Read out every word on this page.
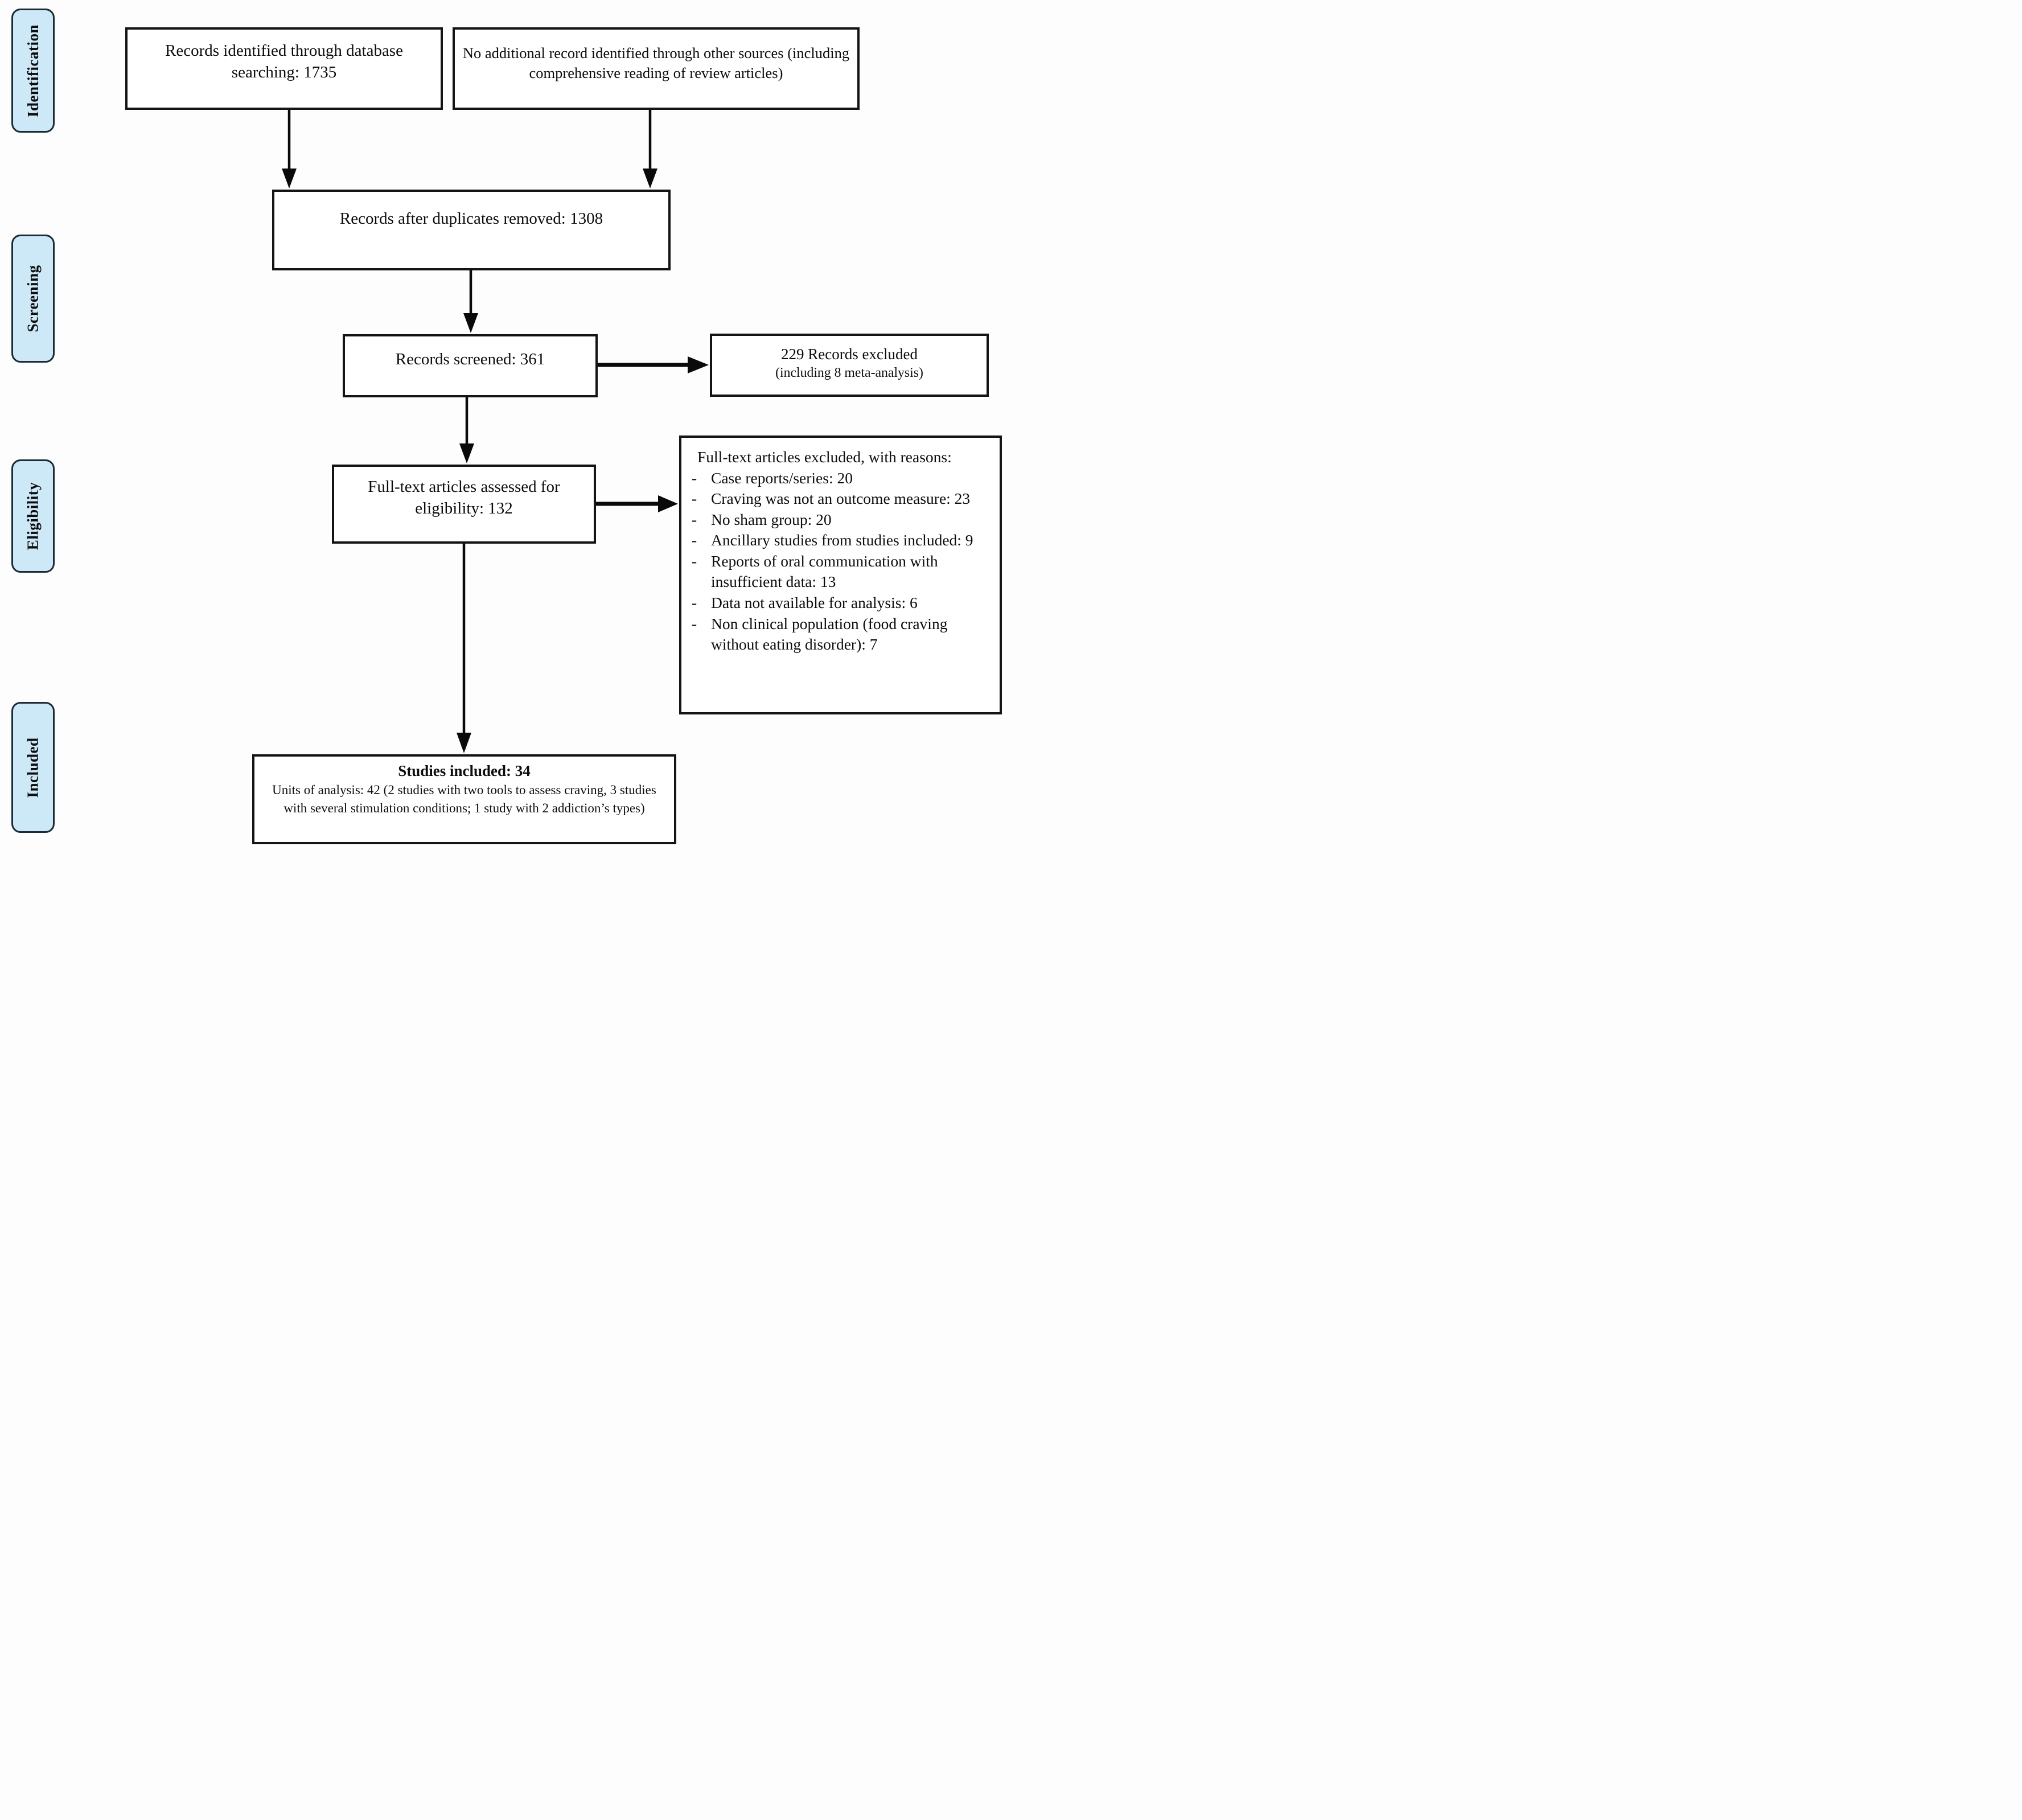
Identification
Screening
Eligibility
Included
Records identified through database searching: 1735
No additional record identified through other sources (including comprehensive reading of review articles)
Records after duplicates removed: 1308
Records screened: 361	229 Records excluded
(including 8 meta-analysis)
Full-text articles assessed for eligibility: 132
Full-text articles excluded, with reasons:
- Case reports/series: 20
- Craving was not an outcome measure: 23
- No sham group: 20
- Ancillary studies from studies included: 9
- Reports of oral communication with insufficient data: 13
- Data not available for analysis: 6
- Non clinical population (food craving without eating disorder): 7
Studies included: 34
Units of analysis: 42 (2 studies with two tools to assess craving, 3 studies with several stimulation conditions; 1 study with 2 addiction’s types)
